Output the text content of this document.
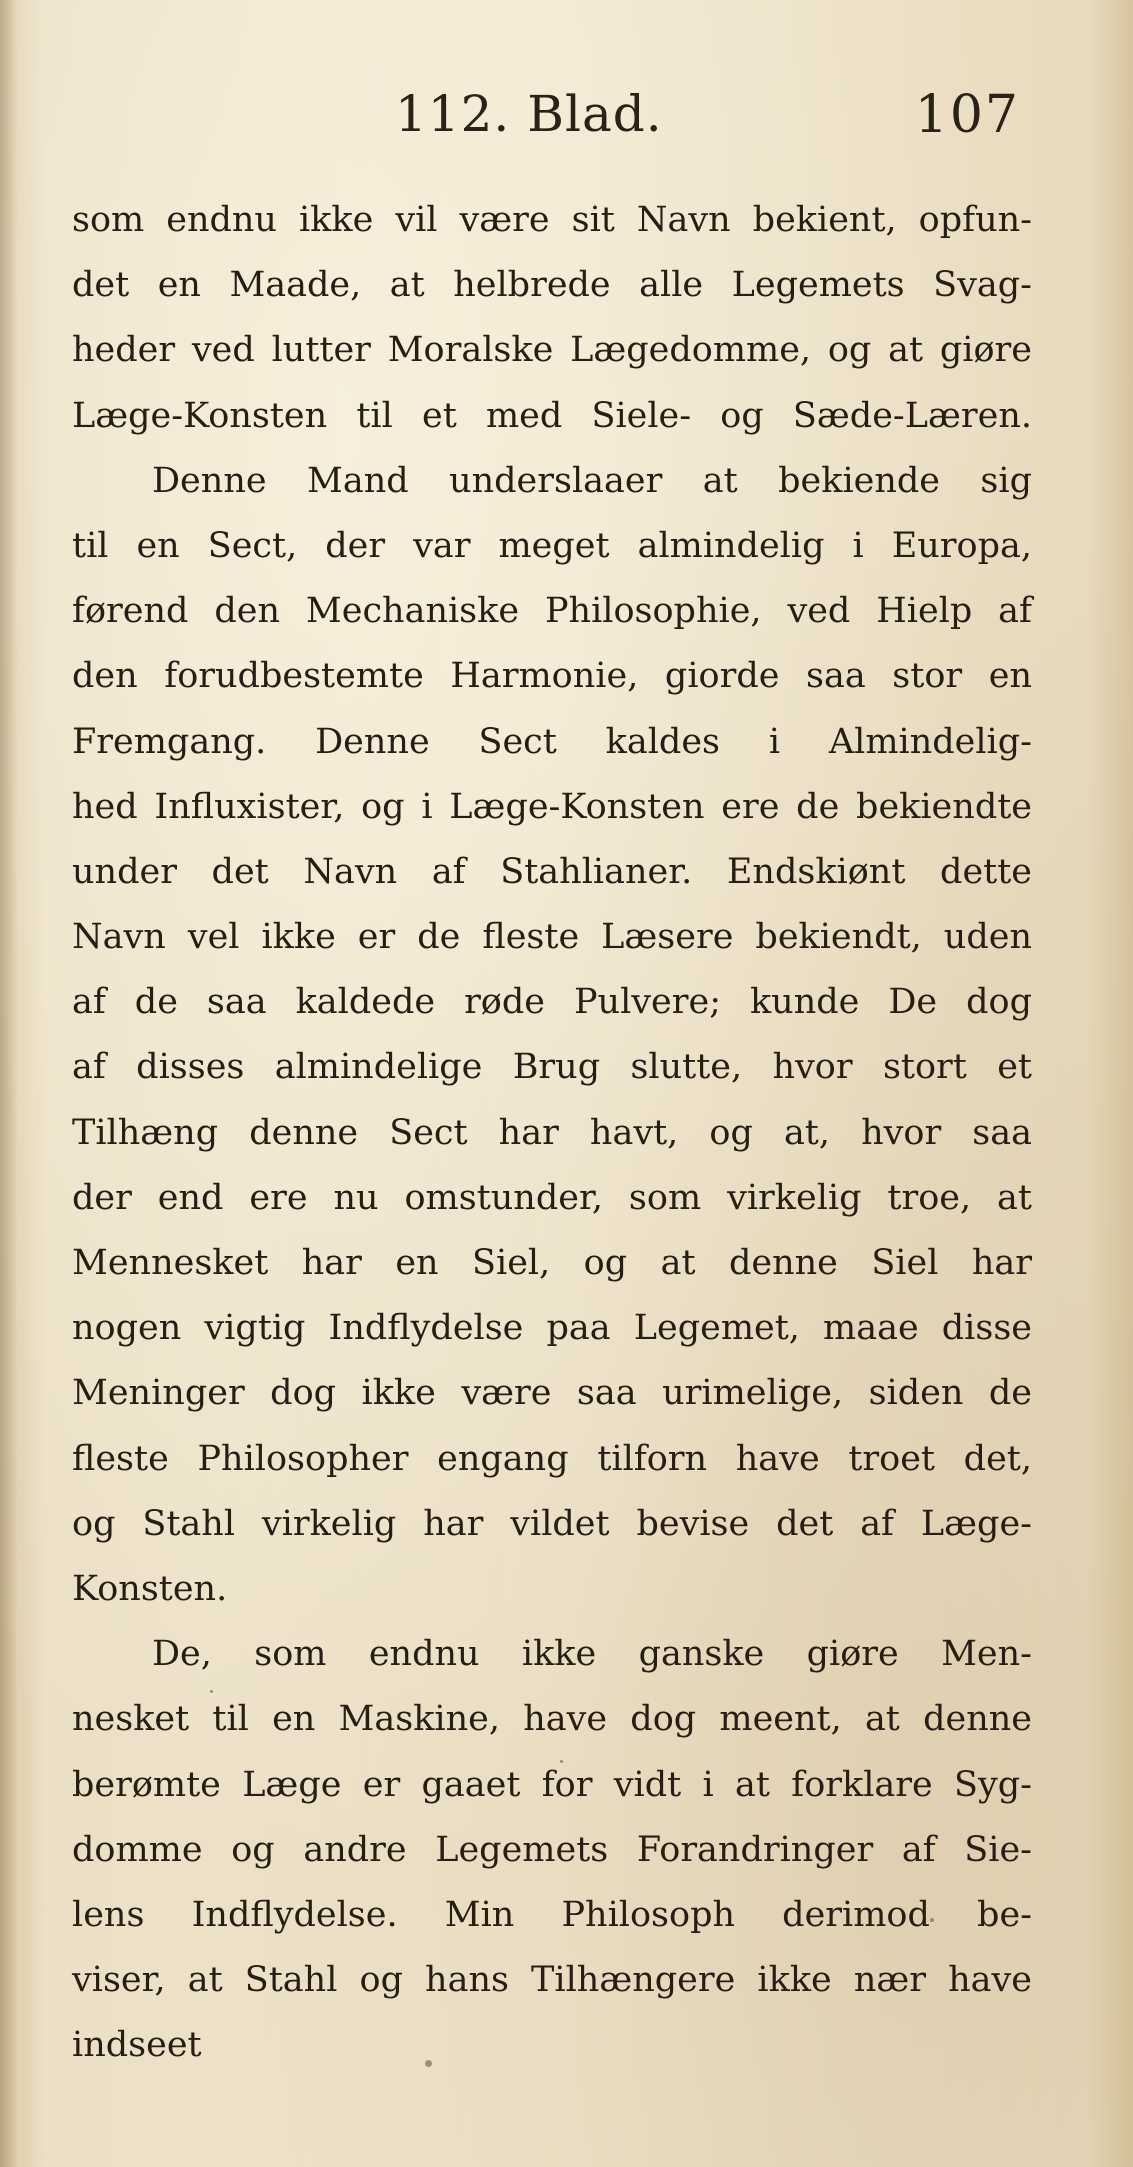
112. Blad.	107
som endnu ikke vil være sit Navn bekient, opfun-
det en Maade, at helbrede alle Legemets Svag-
heder ved lutter Moralske Lægedomme, og at giøre
Læge-Konsten til et med Siele- og Sæde-Læren.
Denne Mand underslaaer at bekiende sig
til en Sect, der var meget almindelig i Europa,
førend den Mechaniske Philosophie, ved Hielp af
den forudbestemte Harmonie, giorde saa stor en
Fremgang. Denne Sect kaldes i Almindelig-
hed Influxister, og i Læge-Konsten ere de bekiendte
under det Navn af Stahlianer. Endskiønt dette
Navn vel ikke er de fleste Læsere bekiendt, uden
af de saa kaldede røde Pulvere; kunde De dog
af disses almindelige Brug slutte, hvor stort et
Tilhæng denne Sect har havt, og at, hvor saa
der end ere nu omstunder, som virkelig troe, at
Mennesket har en Siel, og at denne Siel har
nogen vigtig Indflydelse paa Legemet, maae disse
Meninger dog ikke være saa urimelige, siden de
fleste Philosopher engang tilforn have troet det,
og Stahl virkelig har vildet bevise det af Læge-
Konsten.
De, som endnu ikke ganske giøre Men-
nesket til en Maskine, have dog meent, at denne
berømte Læge er gaaet for vidt i at forklare Syg-
domme og andre Legemets Forandringer af Sie-
lens Indflydelse. Min Philosoph derimod be-
viser, at Stahl og hans Tilhængere ikke nær have
indseet
